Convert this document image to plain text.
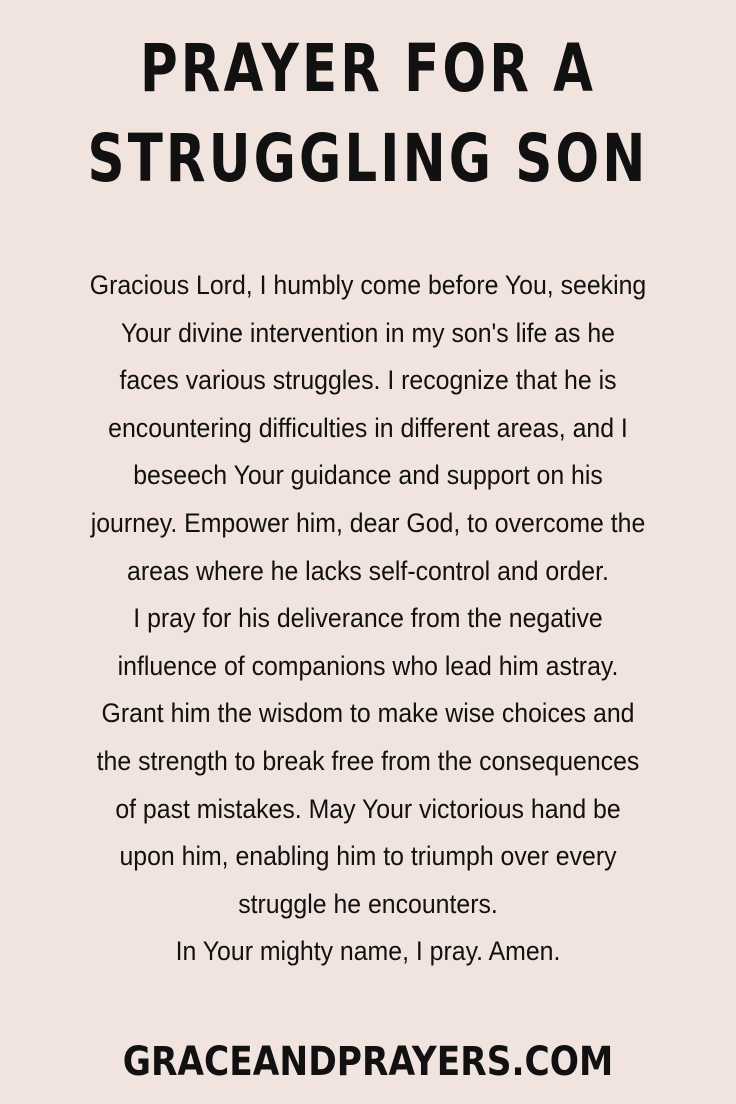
PRAYER FOR A
STRUGGLING SON
Gracious Lord, I humbly come before You, seeking
Your divine intervention in my son's life as he
faces various struggles. I recognize that he is
encountering difficulties in different areas, and I
beseech Your guidance and support on his
journey. Empower him, dear God, to overcome the
areas where he lacks self-control and order.
I pray for his deliverance from the negative
influence of companions who lead him astray.
Grant him the wisdom to make wise choices and
the strength to break free from the consequences
of past mistakes. May Your victorious hand be
upon him, enabling him to triumph over every
struggle he encounters.
In Your mighty name, I pray. Amen.
GRACEANDPRAYERS.COM
